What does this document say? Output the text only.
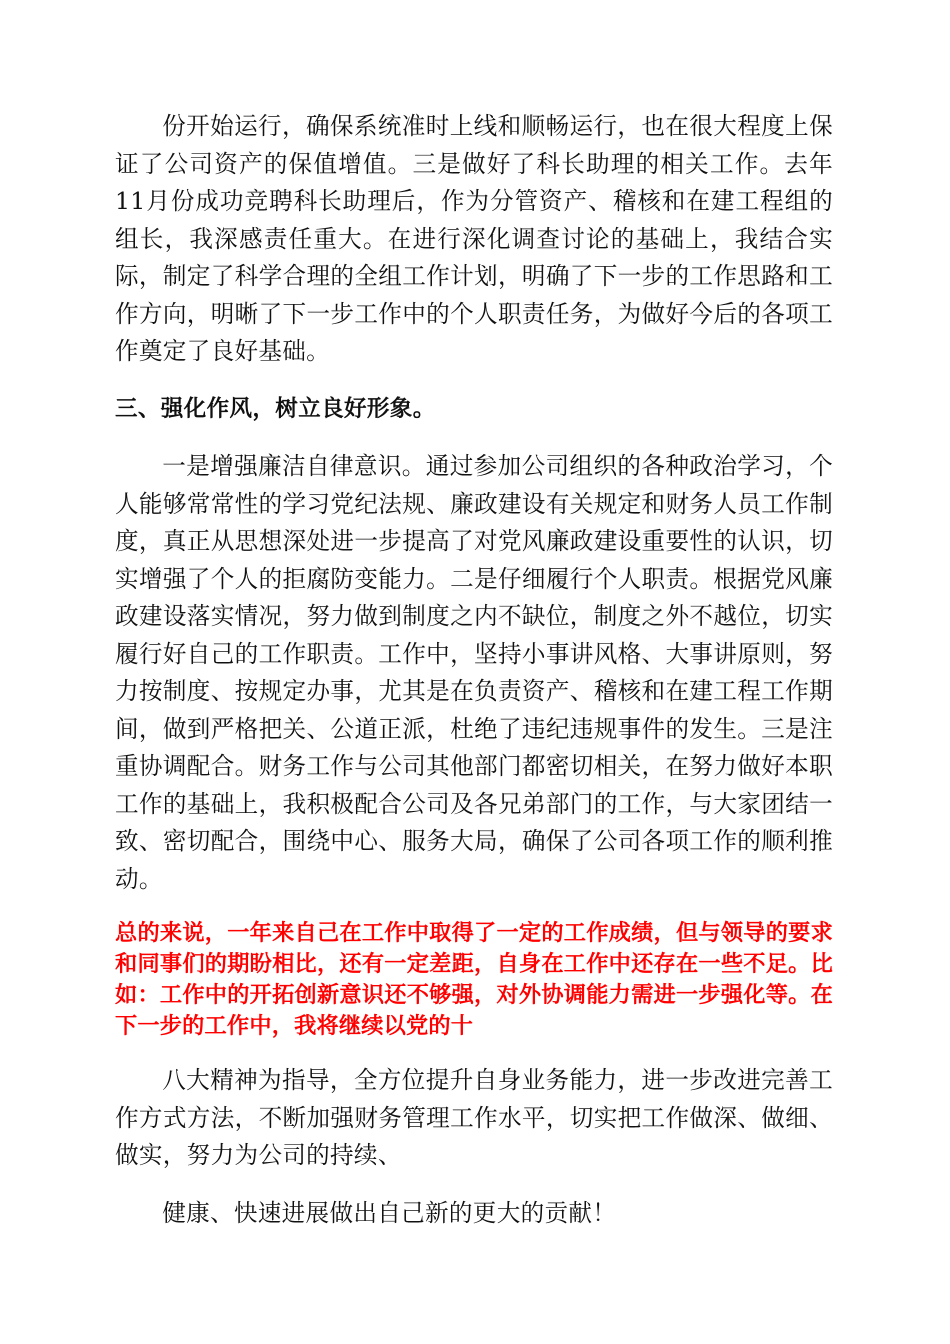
份开始运行，确保系统准时上线和顺畅运行，也在很大程度上保证了公司资产的保值增值。三是做好了科长助理的相关工作。去年11月份成功竞聘科长助理后，作为分管资产、稽核和在建工程组的组长，我深感责任重大。在进行深化调查讨论的基础上，我结合实际，制定了科学合理的全组工作计划，明确了下一步的工作思路和工作方向，明晰了下一步工作中的个人职责任务，为做好今后的各项工作奠定了良好基础。

三、强化作风，树立良好形象。

一是增强廉洁自律意识。通过参加公司组织的各种政治学习，个人能够常常性的学习党纪法规、廉政建设有关规定和财务人员工作制度，真正从思想深处进一步提高了对党风廉政建设重要性的认识，切实增强了个人的拒腐防变能力。二是仔细履行个人职责。根据党风廉政建设落实情况，努力做到制度之内不缺位，制度之外不越位，切实履行好自己的工作职责。工作中，坚持小事讲风格、大事讲原则，努力按制度、按规定办事，尤其是在负责资产、稽核和在建工程工作期间，做到严格把关、公道正派，杜绝了违纪违规事件的发生。三是注重协调配合。财务工作与公司其他部门都密切相关，在努力做好本职工作的基础上，我积极配合公司及各兄弟部门的工作，与大家团结一致、密切配合，围绕中心、服务大局，确保了公司各项工作的顺利推动。

总的来说，一年来自己在工作中取得了一定的工作成绩，但与领导的要求和同事们的期盼相比，还有一定差距，自身在工作中还存在一些不足。比如：工作中的开拓创新意识还不够强，对外协调能力需进一步强化等。在下一步的工作中，我将继续以党的十

八大精神为指导，全方位提升自身业务能力，进一步改进完善工作方式方法，不断加强财务管理工作水平，切实把工作做深、做细、做实，努力为公司的持续、

健康、快速进展做出自己新的更大的贡献！
